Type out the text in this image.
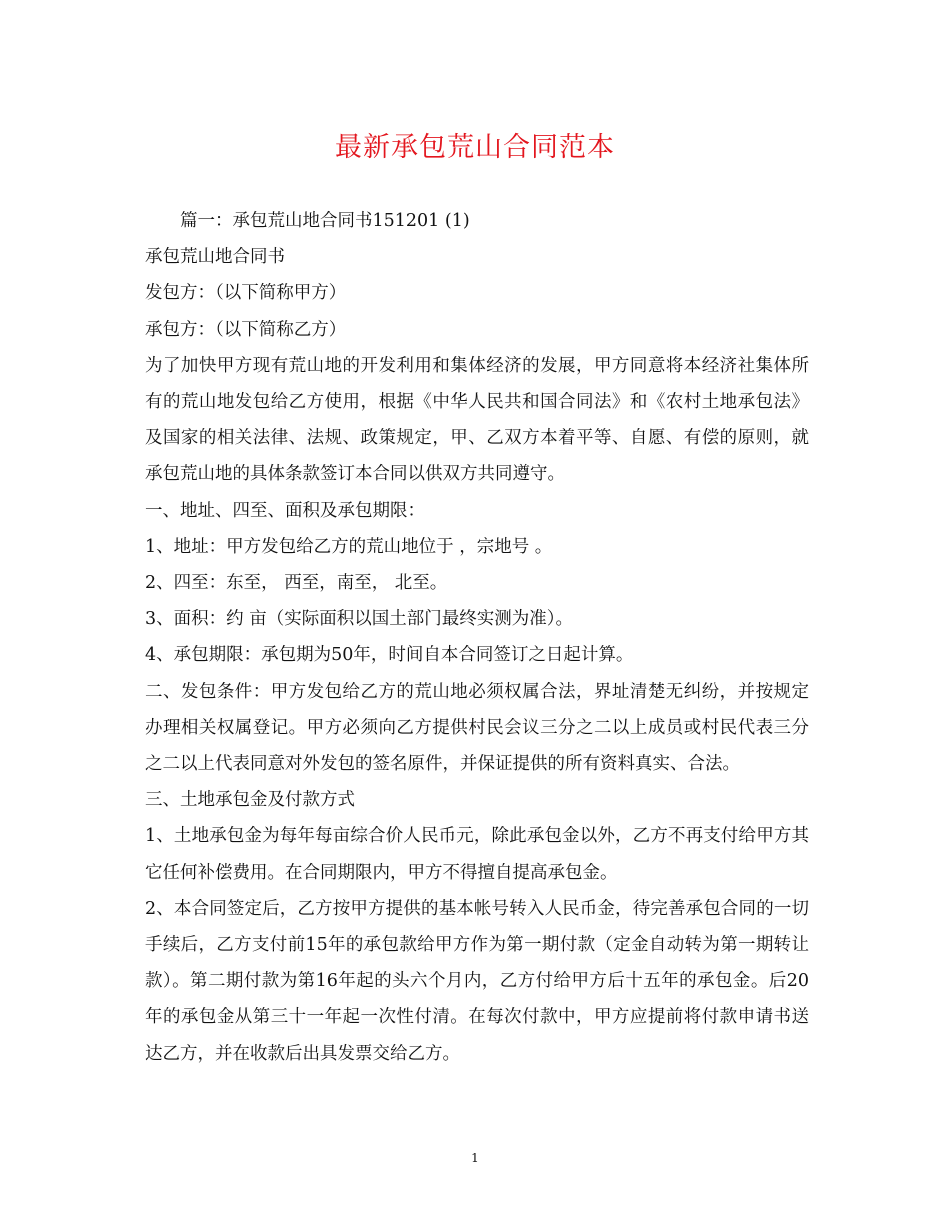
最新承包荒山合同范本

篇一：承包荒山地合同书151201 (1)

承包荒山地合同书

发包方：（以下简称甲方）

承包方：（以下简称乙方）

为了加快甲方现有荒山地的开发利用和集体经济的发展，甲方同意将本经济社集体所有的荒山地发包给乙方使用，根据《中华人民共和国合同法》和《农村土地承包法》及国家的相关法律、法规、政策规定，甲、乙双方本着平等、自愿、有偿的原则，就承包荒山地的具体条款签订本合同以供双方共同遵守。

一、地址、四至、面积及承包期限：

1、地址：甲方发包给乙方的荒山地位于 ，宗地号 。

2、四至：东至， 西至，南至， 北至。

3、面积：约 亩（实际面积以国土部门最终实测为准）。

4、承包期限：承包期为50年，时间自本合同签订之日起计算。

二、发包条件：甲方发包给乙方的荒山地必须权属合法，界址清楚无纠纷，并按规定办理相关权属登记。甲方必须向乙方提供村民会议三分之二以上成员或村民代表三分之二以上代表同意对外发包的签名原件，并保证提供的所有资料真实、合法。

三、土地承包金及付款方式

1、土地承包金为每年每亩综合价人民币元，除此承包金以外，乙方不再支付给甲方其它任何补偿费用。在合同期限内，甲方不得擅自提高承包金。

2、本合同签定后，乙方按甲方提供的基本帐号转入人民币金，待完善承包合同的一切手续后，乙方支付前15年的承包款给甲方作为第一期付款（定金自动转为第一期转让款）。第二期付款为第16年起的头六个月内，乙方付给甲方后十五年的承包金。后20年的承包金从第三十一年起一次性付清。在每次付款中，甲方应提前将付款申请书送达乙方，并在收款后出具发票交给乙方。

1
